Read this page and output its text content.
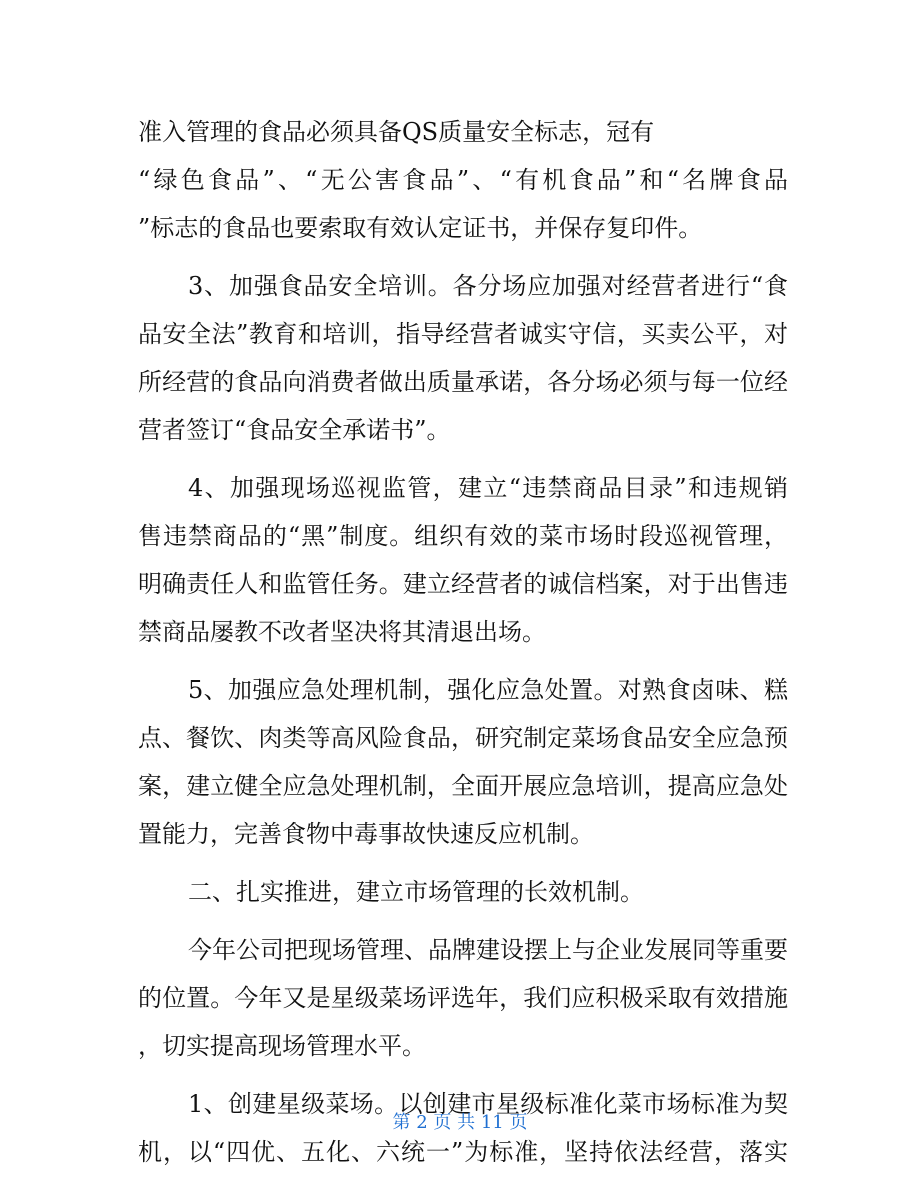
准入管理的食品必须具备QS质量安全标志，冠有
“绿色食品”、“无公害食品”、“有机食品”和“名牌食品
”标志的食品也要索取有效认定证书，并保存复印件。
3、加强食品安全培训。各分场应加强对经营者进行“食
品安全法”教育和培训，指导经营者诚实守信，买卖公平，对
所经营的食品向消费者做出质量承诺，各分场必须与每一位经
营者签订“食品安全承诺书”。
4、加强现场巡视监管，建立“违禁商品目录”和违规销
售违禁商品的“黑”制度。组织有效的菜市场时段巡视管理，
明确责任人和监管任务。建立经营者的诚信档案，对于出售违
禁商品屡教不改者坚决将其清退出场。
5、加强应急处理机制，强化应急处置。对熟食卤味、糕
点、餐饮、肉类等高风险食品，研究制定菜场食品安全应急预
案，建立健全应急处理机制，全面开展应急培训，提高应急处
置能力，完善食物中毒事故快速反应机制。
二、扎实推进，建立市场管理的长效机制。
今年公司把现场管理、品牌建设摆上与企业发展同等重要
的位置。今年又是星级菜场评选年，我们应积极采取有效措施
，切实提高现场管理水平。
1、创建星级菜场。以创建市星级标准化菜市场标准为契
机，以“四优、五化、六统一”为标准，坚持依法经营，落实
第 2 页 共 11 页
